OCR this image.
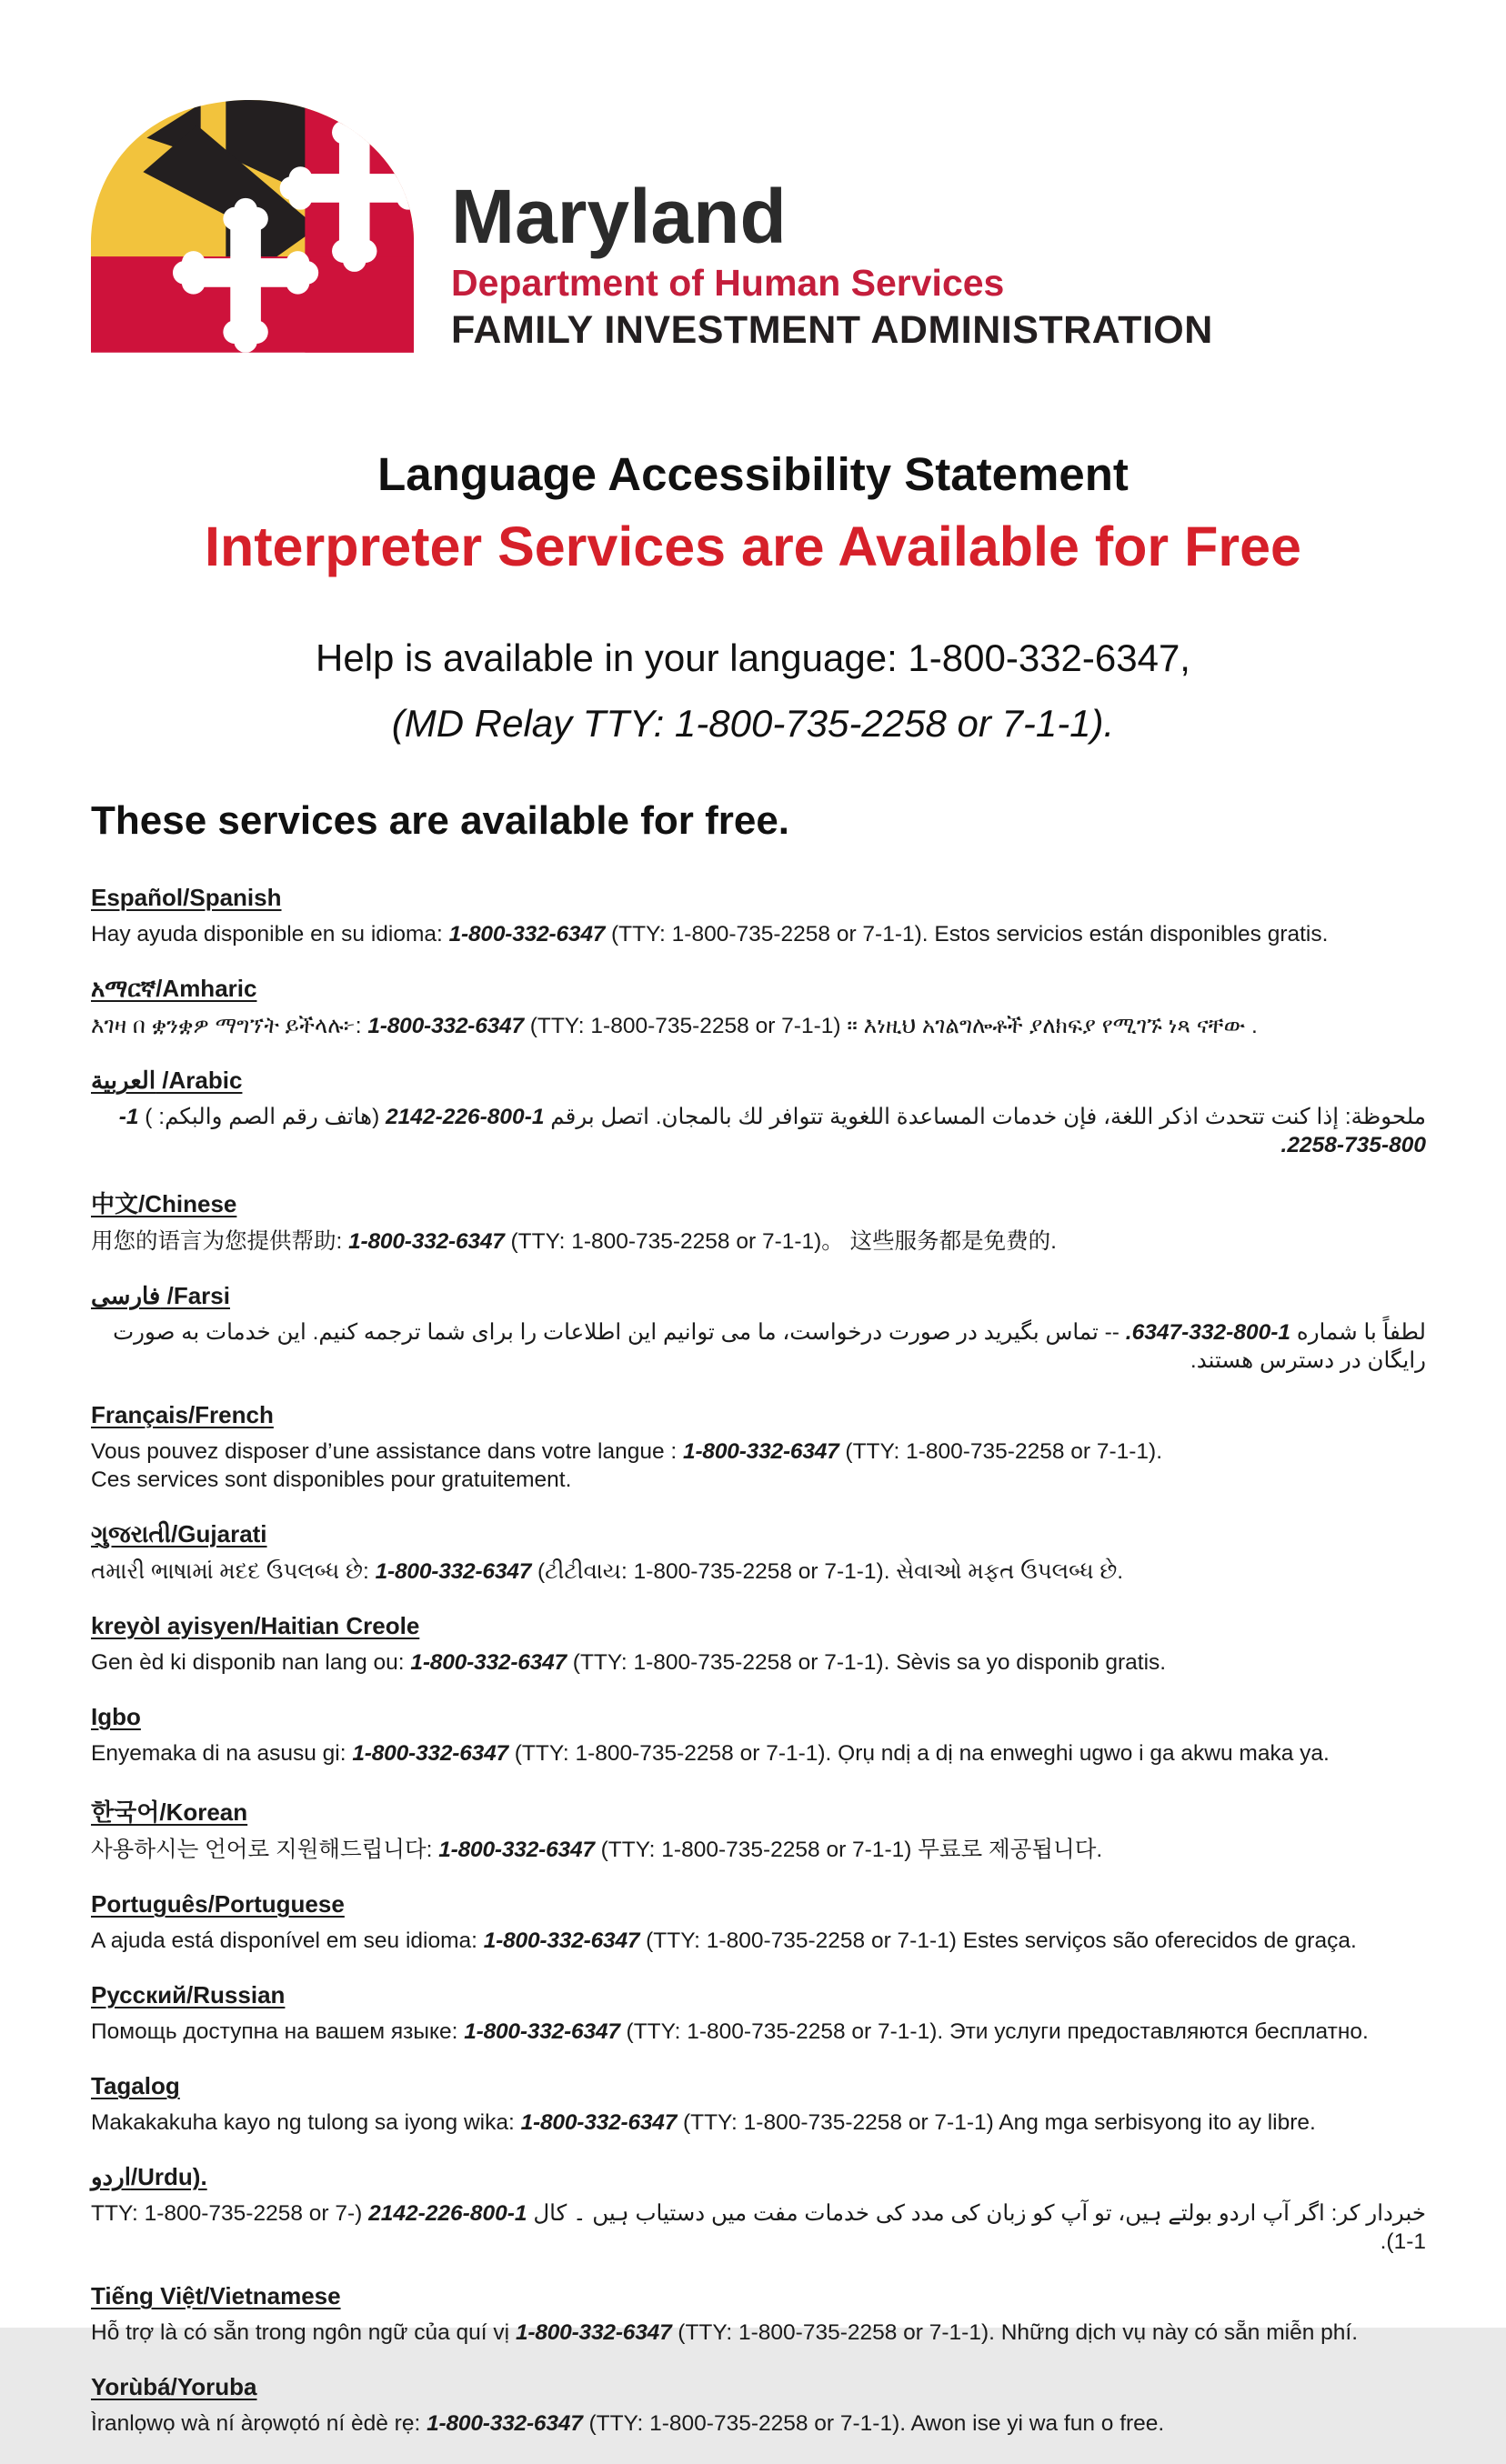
Maryland
Department of Human Services
FAMILY INVESTMENT ADMINISTRATION
Language Accessibility Statement
Interpreter Services are Available for Free
Help is available in your language: 1-800-332-6347,
(MD Relay TTY: 1-800-735-2258 or 7-1-1).
These services are available for free.
Español/Spanish
Hay ayuda disponible en su idioma: 1-800-332-6347 (TTY: 1-800-735-2258 or 7-1-1). Estos servicios están disponibles gratis.
አማርኛ/Amharic
እገዛ በ ቋንቋዎ ማግኘት ይችላሉ፦: 1-800-332-6347 (TTY: 1-800-735-2258 or 7-1-1) ። እነዚህ አገልግሎቶች ያለክፍያ የሚገኙ ነጻ ናቸው .
العربية /Arabic
ملحوظة: إذا كنت تتحدث اذكر اللغة، فإن خدمات المساعدة اللغوية تتوافر لك بالمجان. اتصل برقم 1-800-226-2142 (هاتف رقم الصم والبكم: ) 1-800-735-2258.
中文/Chinese
用您的语言为您提供帮助: 1-800-332-6347 (TTY: 1-800-735-2258 or 7-1-1)。 这些服务都是免费的.
فارسی /Farsi
لطفاً با شماره 1-800-332-6347. -- تماس بگیرید در صورت درخواست، ما می توانیم این اطلاعات را برای شما ترجمه کنیم. این خدمات به صورت رایگان در دسترس هستند.
Français/French
Vous pouvez disposer d’une assistance dans votre langue : 1-800-332-6347 (TTY: 1-800-735-2258 or 7-1-1).
Ces services sont disponibles pour gratuitement.
ગુજરાતી/Gujarati
તમારી ભાષામાં મદદ ઉપલબ્ધ છે: 1-800-332-6347 (ટીટીવાય: 1-800-735-2258 or 7-1-1). સેવાઓ મફત ઉપલબ્ધ છે.
kreyòl ayisyen/Haitian Creole
Gen èd ki disponib nan lang ou: 1-800-332-6347 (TTY: 1-800-735-2258 or 7-1-1). Sèvis sa yo disponib gratis.
Igbo
Enyemaka di na asusu gi: 1-800-332-6347 (TTY: 1-800-735-2258 or 7-1-1). Ọrụ ndị a dị na enweghi ugwo i ga akwu maka ya.
한국어/Korean
사용하시는 언어로 지원해드립니다: 1-800-332-6347 (TTY: 1-800-735-2258 or 7-1-1) 무료로 제공됩니다.
Português/Portuguese
A ajuda está disponível em seu idioma: 1-800-332-6347 (TTY: 1-800-735-2258 or 7-1-1) Estes serviços são oferecidos de graça.
Русский/Russian
Помощь доступна на вашем языке: 1-800-332-6347 (TTY: 1-800-735-2258 or 7-1-1). Эти услуги предоставляются бесплатно.
Tagalog
Makakakuha kayo ng tulong sa iyong wika: 1-800-332-6347 (TTY: 1-800-735-2258 or 7-1-1) Ang mga serbisyong ito ay libre.
اردو/Urdu).
خبردار کر: اگر آپ اردو بولتے ہیں، تو آپ کو زبان کی مدد کی خدمات مفت میں دستیاب ہیں ۔ کال 1-800-226-2142 (TTY: 1-800-735-2258 or 7-1-1).
Tiếng Việt/Vietnamese
Hỗ trợ là có sẵn trong ngôn ngữ của quí vị 1-800-332-6347 (TTY: 1-800-735-2258 or 7-1-1). Những dịch vụ này có sẵn miễn phí.
Yorùbá/Yoruba
Ìranlọwọ wà ní àrọwọtó ní èdè rẹ: 1-800-332-6347 (TTY: 1-800-735-2258 or 7-1-1). Awon ise yi wa fun o free.
